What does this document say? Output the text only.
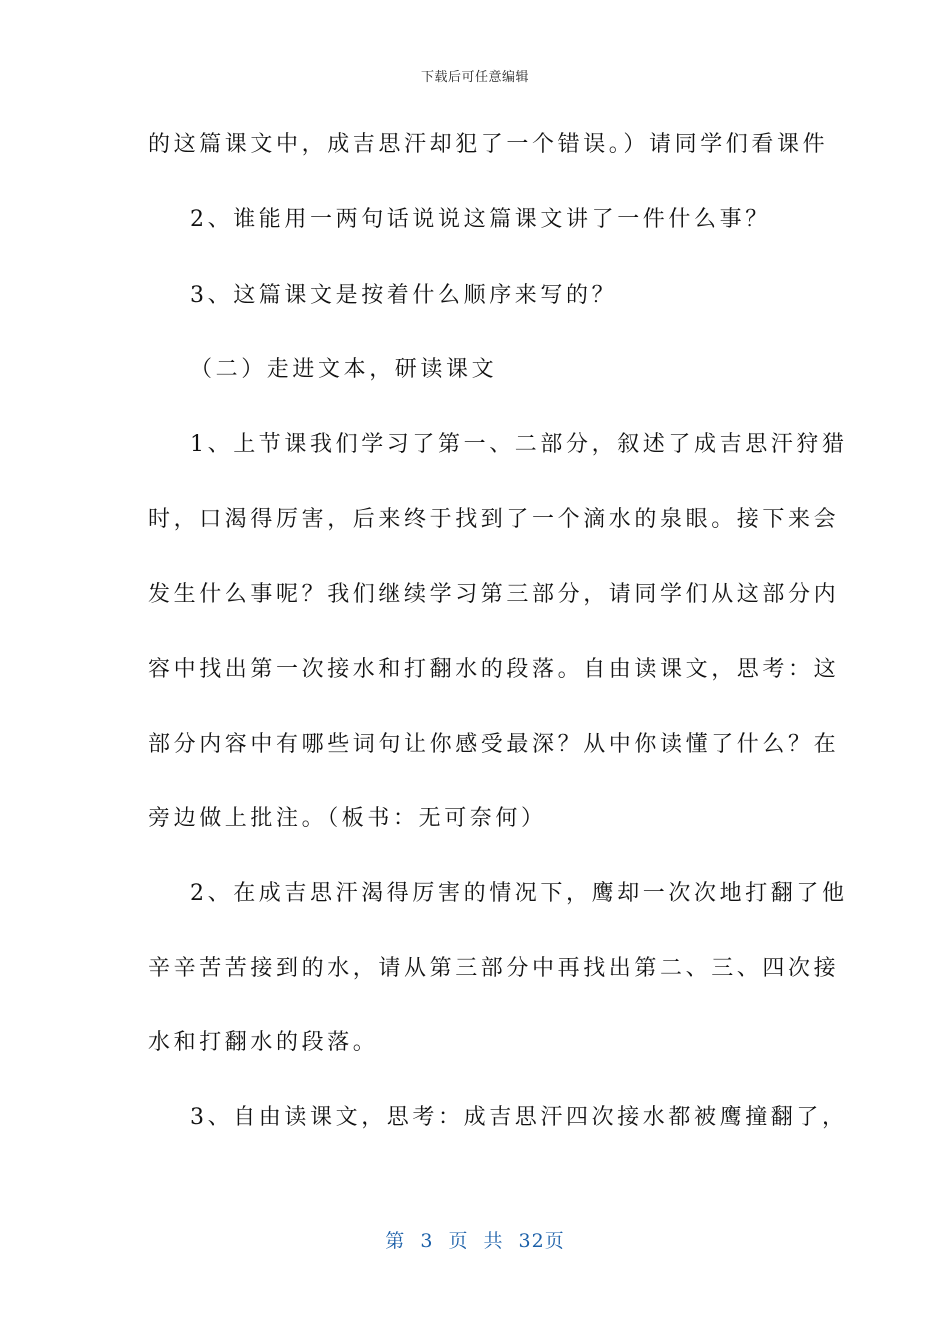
下载后可任意编辑
的这篇课文中，成吉思汗却犯了一个错误。）请同学们看课件
2、谁能用一两句话说说这篇课文讲了一件什么事？
3、这篇课文是按着什么顺序来写的？
（二）走进文本，研读课文
1、上节课我们学习了第一、二部分，叙述了成吉思汗狩猎
时，口渴得厉害，后来终于找到了一个滴水的泉眼。接下来会
发生什么事呢？我们继续学习第三部分，请同学们从这部分内
容中找出第一次接水和打翻水的段落。自由读课文，思考：这
部分内容中有哪些词句让你感受最深？从中你读懂了什么？在
旁边做上批注。（板书：无可奈何）
2、在成吉思汗渴得厉害的情况下，鹰却一次次地打翻了他
辛辛苦苦接到的水，请从第三部分中再找出第二、三、四次接
水和打翻水的段落。
3、自由读课文，思考：成吉思汗四次接水都被鹰撞翻了，
第 3 页 共 32页
